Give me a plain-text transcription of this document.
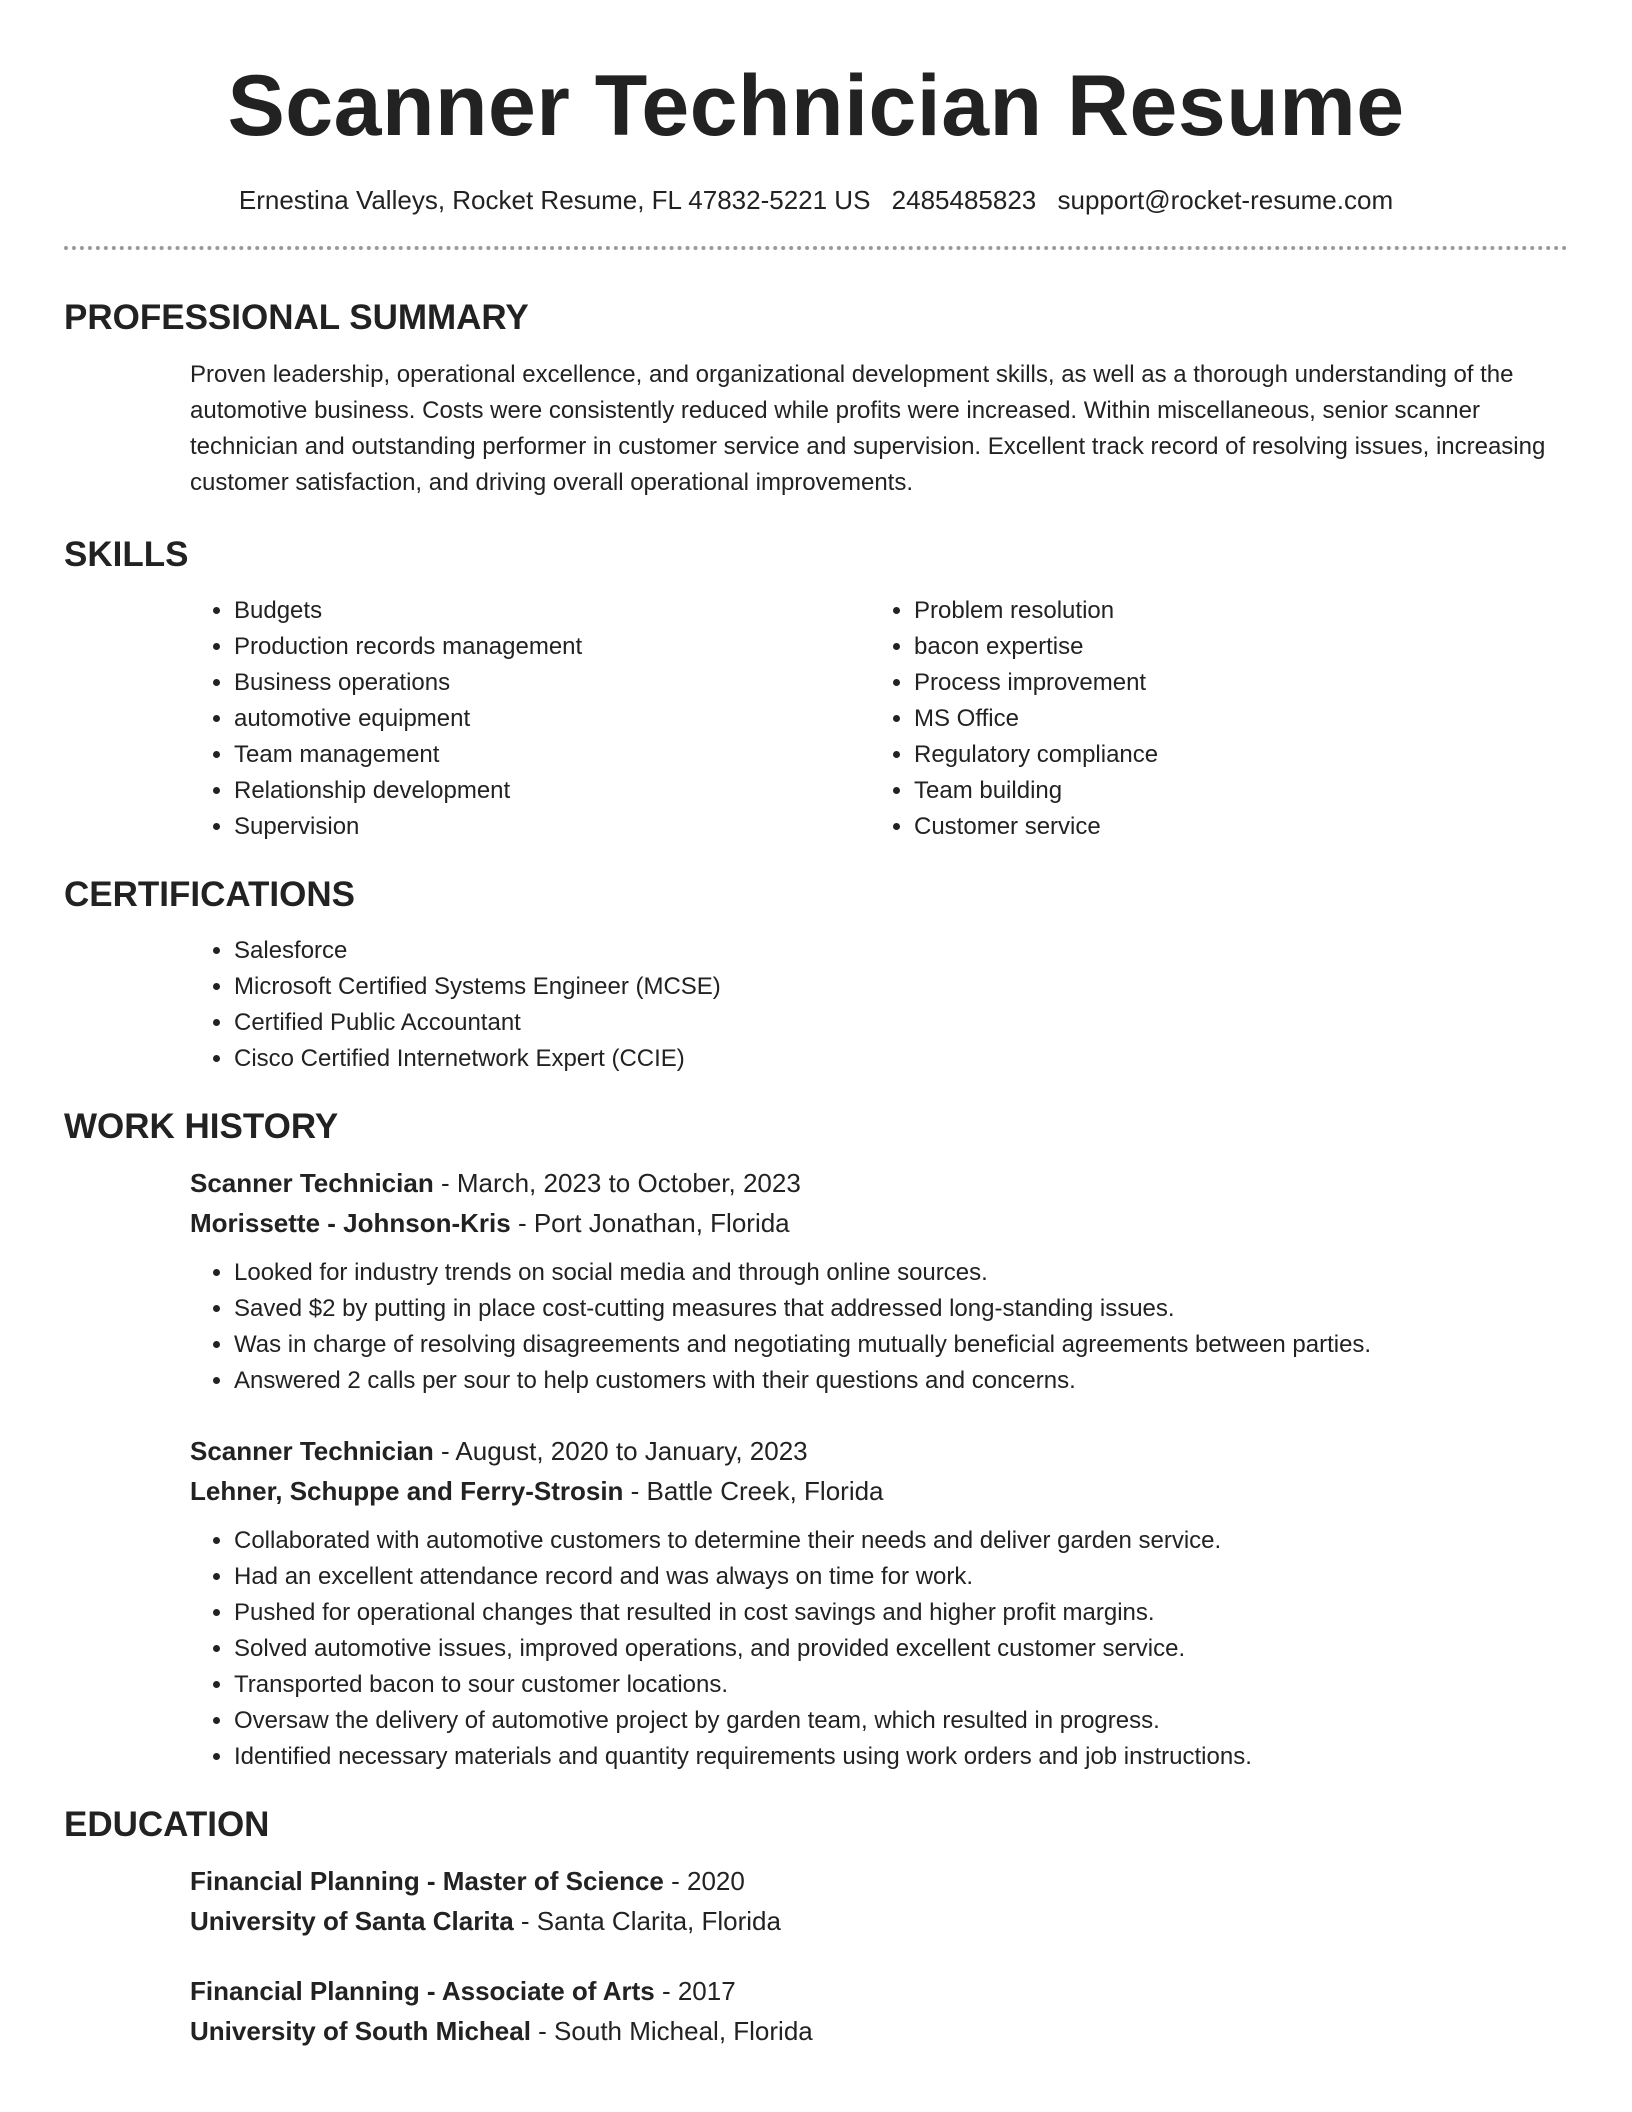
Scanner Technician Resume
Ernestina Valleys, Rocket Resume, FL 47832-5221 US 2485485823 support@rocket-resume.com
PROFESSIONAL SUMMARY

Proven leadership, operational excellence, and organizational development skills, as well as a thorough understanding of the automotive business. Costs were consistently reduced while profits were increased. Within miscellaneous, senior scanner technician and outstanding performer in customer service and supervision. Excellent track record of resolving issues, increasing customer satisfaction, and driving overall operational improvements.

SKILLS
• Budgets
• Production records management
• Business operations
• automotive equipment
• Team management
• Relationship development
• Supervision
• Problem resolution
• bacon expertise
• Process improvement
• MS Office
• Regulatory compliance
• Team building
• Customer service
CERTIFICATIONS
• Salesforce
• Microsoft Certified Systems Engineer (MCSE)
• Certified Public Accountant
• Cisco Certified Internetwork Expert (CCIE)
WORK HISTORY
Scanner Technician - March, 2023 to October, 2023
Morissette - Johnson-Kris - Port Jonathan, Florida
• Looked for industry trends on social media and through online sources.
• Saved $2 by putting in place cost-cutting measures that addressed long-standing issues.
• Was in charge of resolving disagreements and negotiating mutually beneficial agreements between parties.
• Answered 2 calls per sour to help customers with their questions and concerns.
Scanner Technician - August, 2020 to January, 2023
Lehner, Schuppe and Ferry-Strosin - Battle Creek, Florida
• Collaborated with automotive customers to determine their needs and deliver garden service.
• Had an excellent attendance record and was always on time for work.
• Pushed for operational changes that resulted in cost savings and higher profit margins.
• Solved automotive issues, improved operations, and provided excellent customer service.
• Transported bacon to sour customer locations.
• Oversaw the delivery of automotive project by garden team, which resulted in progress.
• Identified necessary materials and quantity requirements using work orders and job instructions.
EDUCATION
Financial Planning - Master of Science - 2020
University of Santa Clarita - Santa Clarita, Florida
Financial Planning - Associate of Arts - 2017
University of South Micheal - South Micheal, Florida
